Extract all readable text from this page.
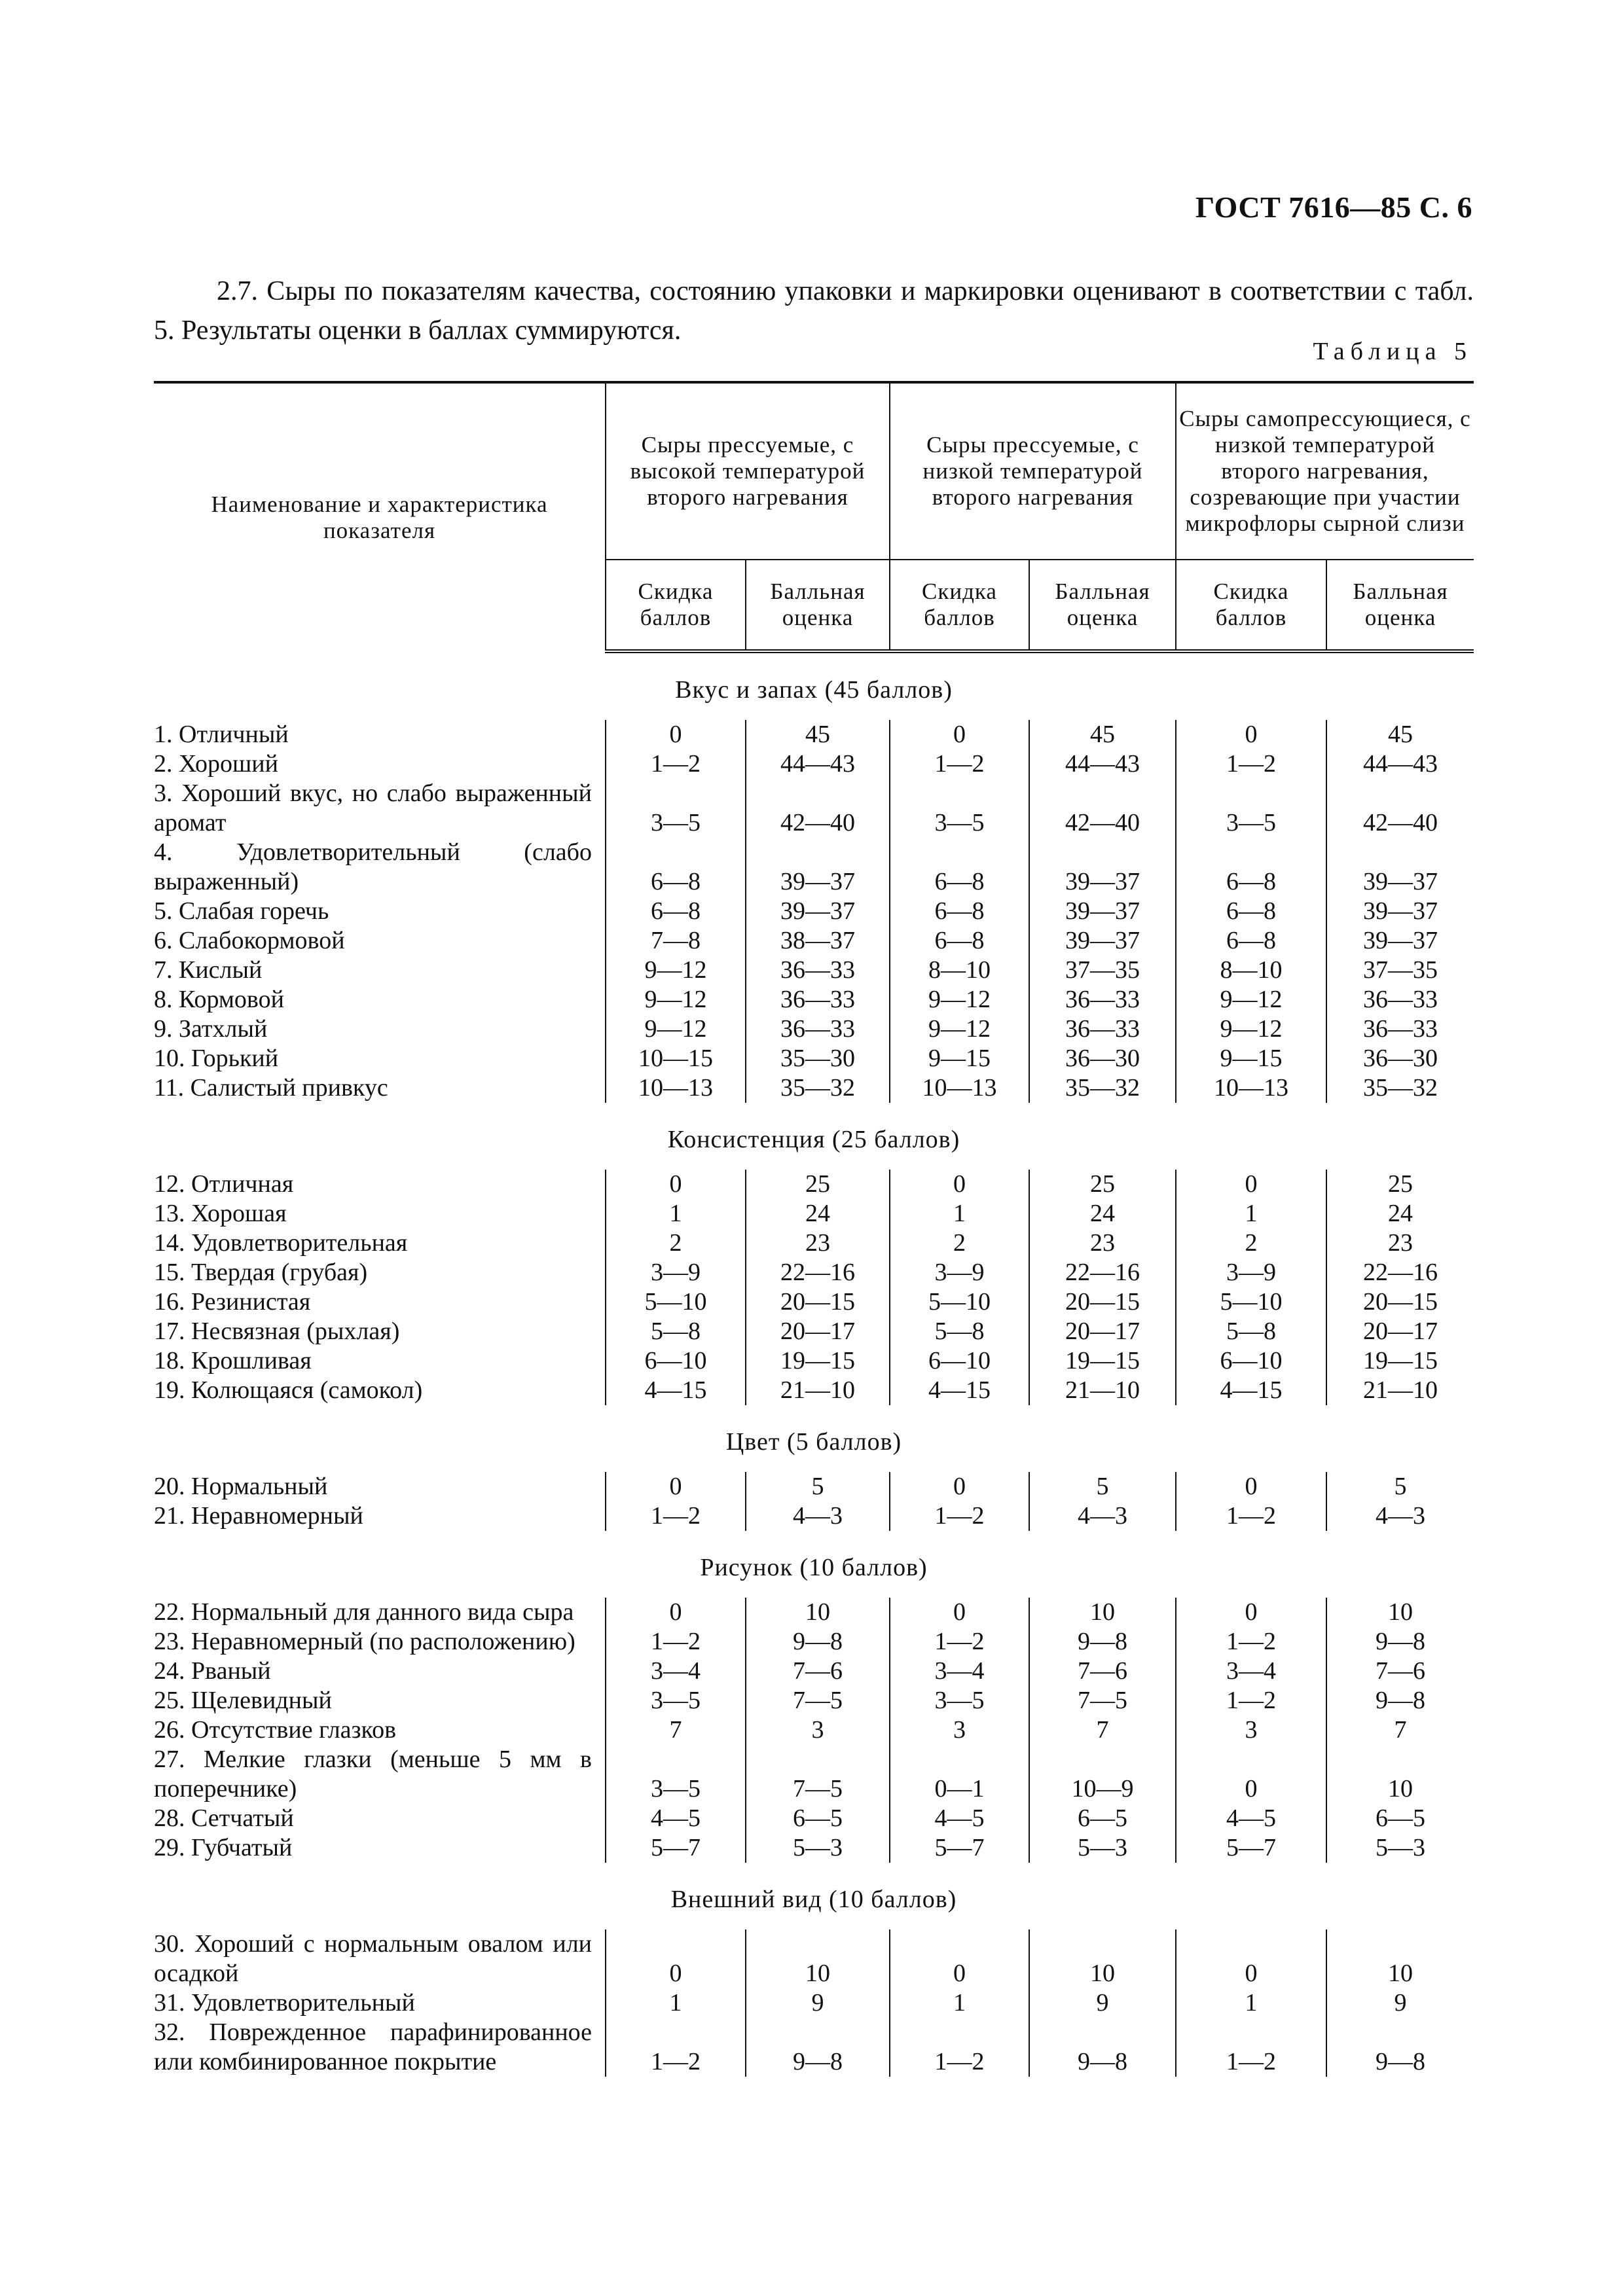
ГОСТ 7616—85 С. 6
2.7. Сыры по показателям качества, состоянию упаковки и маркировки оценивают в соответствии с табл. 5. Результаты оценки в баллах суммируются.
Таблица 5
Наименование и характеристика показателя	Сыры прессуемые, с высокой температурой второго нагревания		Сыры прессуемые, с низкой температурой второго нагревания		Сыры самопрессующиеся, с низкой температурой второго нагревания, созревающие при участии микрофлоры сырной слизи	
	Скидка баллов	Балльная оценка	Скидка баллов	Балльная оценка	Скидка баллов	Балльная оценка
Вкус и запах (45 баллов)						

1. Отличный	0	45	0	45	0	45

2. Хороший	1—2	44—43	1—2	44—43	1—2	44—43

3. Хороший вкус, но слабо выраженный аромат	3—5	42—40	3—5	42—40	3—5	42—40

4. Удовлетворительный (слабо выраженный)	6—8	39—37	6—8	39—37	6—8	39—37

5. Слабая горечь	6—8	39—37	6—8	39—37	6—8	39—37

6. Слабокормовой	7—8	38—37	6—8	39—37	6—8	39—37

7. Кислый	9—12	36—33	8—10	37—35	8—10	37—35

8. Кормовой	9—12	36—33	9—12	36—33	9—12	36—33

9. Затхлый	9—12	36—33	9—12	36—33	9—12	36—33

10. Горький	10—15	35—30	9—15	36—30	9—15	36—30

11. Салистый привкус	10—13	35—32	10—13	35—32	10—13	35—32
Консистенция (25 баллов)						

12. Отличная	0	25	0	25	0	25

13. Хорошая	1	24	1	24	1	24

14. Удовлетворительная	2	23	2	23	2	23

15. Твердая (грубая)	3—9	22—16	3—9	22—16	3—9	22—16

16. Резинистая	5—10	20—15	5—10	20—15	5—10	20—15

17. Несвязная (рыхлая)	5—8	20—17	5—8	20—17	5—8	20—17

18. Крошливая	6—10	19—15	6—10	19—15	6—10	19—15

19. Колющаяся (самокол)	4—15	21—10	4—15	21—10	4—15	21—10
Цвет (5 баллов)						

20. Нормальный	0	5	0	5	0	5

21. Неравномерный	1—2	4—3	1—2	4—3	1—2	4—3
Рисунок (10 баллов)						

22. Нормальный для данного вида сыра	0	10	0	10	0	10

23. Неравномерный (по расположению)	1—2	9—8	1—2	9—8	1—2	9—8

24. Рваный	3—4	7—6	3—4	7—6	3—4	7—6

25. Щелевидный	3—5	7—5	3—5	7—5	1—2	9—8

26. Отсутствие глазков	7	3	3	7	3	7

27. Мелкие глазки (меньше 5 мм в поперечнике)	3—5	7—5	0—1	10—9	0	10

28. Сетчатый	4—5	6—5	4—5	6—5	4—5	6—5

29. Губчатый	5—7	5—3	5—7	5—3	5—7	5—3
Внешний вид (10 баллов)						

30. Хороший с нормальным овалом или осадкой	0	10	0	10	0	10

31. Удовлетворительный	1	9	1	9	1	9

32. Поврежденное парафинированное или комбинированное покрытие	1—2	9—8	1—2	9—8	1—2	9—8
